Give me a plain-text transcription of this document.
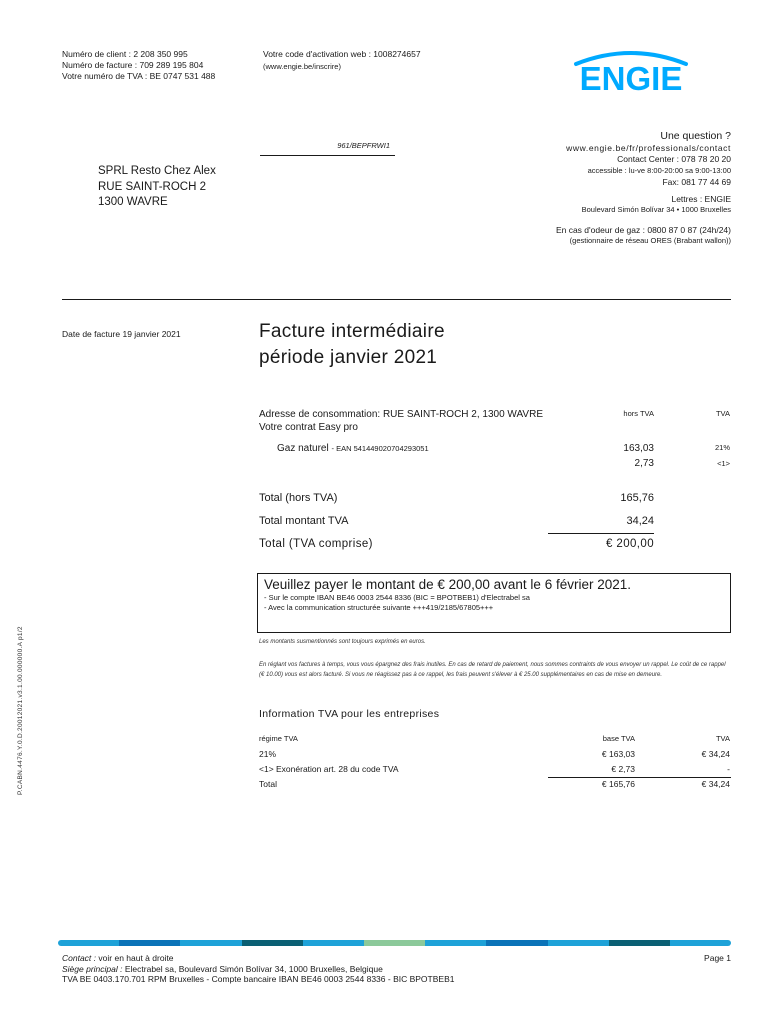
Numéro de client : 2 208 350 995
Numéro de facture : 709 289 195 804
Votre numéro de TVA : BE 0747 531 488
Votre code d'activation web : 1008274657
(www.engie.be/inscrire)	ENGIE
961/BEPFRWI1
Une question ?
www.engie.be/fr/professionals/contact
Contact Center : 078 78 20 20
accessible : lu-ve 8:00-20:00 sa 9:00-13:00
Fax: 081 77 44 69
Lettres : ENGIE
Boulevard Simón Bolívar 34 • 1000 Bruxelles
En cas d'odeur de gaz : 0800 87 0 87 (24h/24)
(gestionnaire de réseau ORES (Brabant wallon))
SPRL Resto Chez Alex
RUE SAINT-ROCH 2
1300 WAVRE
Date de facture 19 janvier 2021	Facture intermédiaire
période janvier 2021
Adresse de consommation: RUE SAINT-ROCH 2, 1300 WAVRE
Votre contrat Easy pro
hors TVA	TVA
Gaz naturel - EAN 541449020704293051	163,03	21%
2,73	<1>
Total (hors TVA)	165,76
Total montant TVA	34,24
Total (TVA comprise)	€ 200,00
Veuillez payer le montant de € 200,00 avant le 6 février 2021.
- Sur le compte IBAN BE46 0003 2544 8336 (BIC = BPOTBEB1) d'Electrabel sa
- Avec la communication structurée suivante +++419/2185/67805+++
Les montants susmentionnés sont toujours exprimés en euros.
En réglant vos factures à temps, vous vous épargnez des frais inutiles. En cas de retard de paiement, nous sommes contraints de vous envoyer un rappel. Le coût de ce rappel (€ 10.00) vous est alors facturé. Si vous ne réagissez pas à ce rappel, les frais peuvent s'élever à € 25.00 supplémentaires en cas de mise en demeure.
Information TVA pour les entreprises
régime TVA	base TVA	TVA
21%	€ 163,03	€ 34,24
<1> Exonération art. 28 du code TVA	€ 2,73	-
Total	€ 165,76	€ 34,24
P.CABN.4476.Y.0.D.20012021.v3.1.00.000000.A p1/2
Contact : voir en haut à droite
Siège principal : Electrabel sa, Boulevard Simón Bolívar 34, 1000 Bruxelles, Belgique
TVA BE 0403.170.701 RPM Bruxelles - Compte bancaire IBAN BE46 0003 2544 8336 - BIC BPOTBEB1
Page 1
